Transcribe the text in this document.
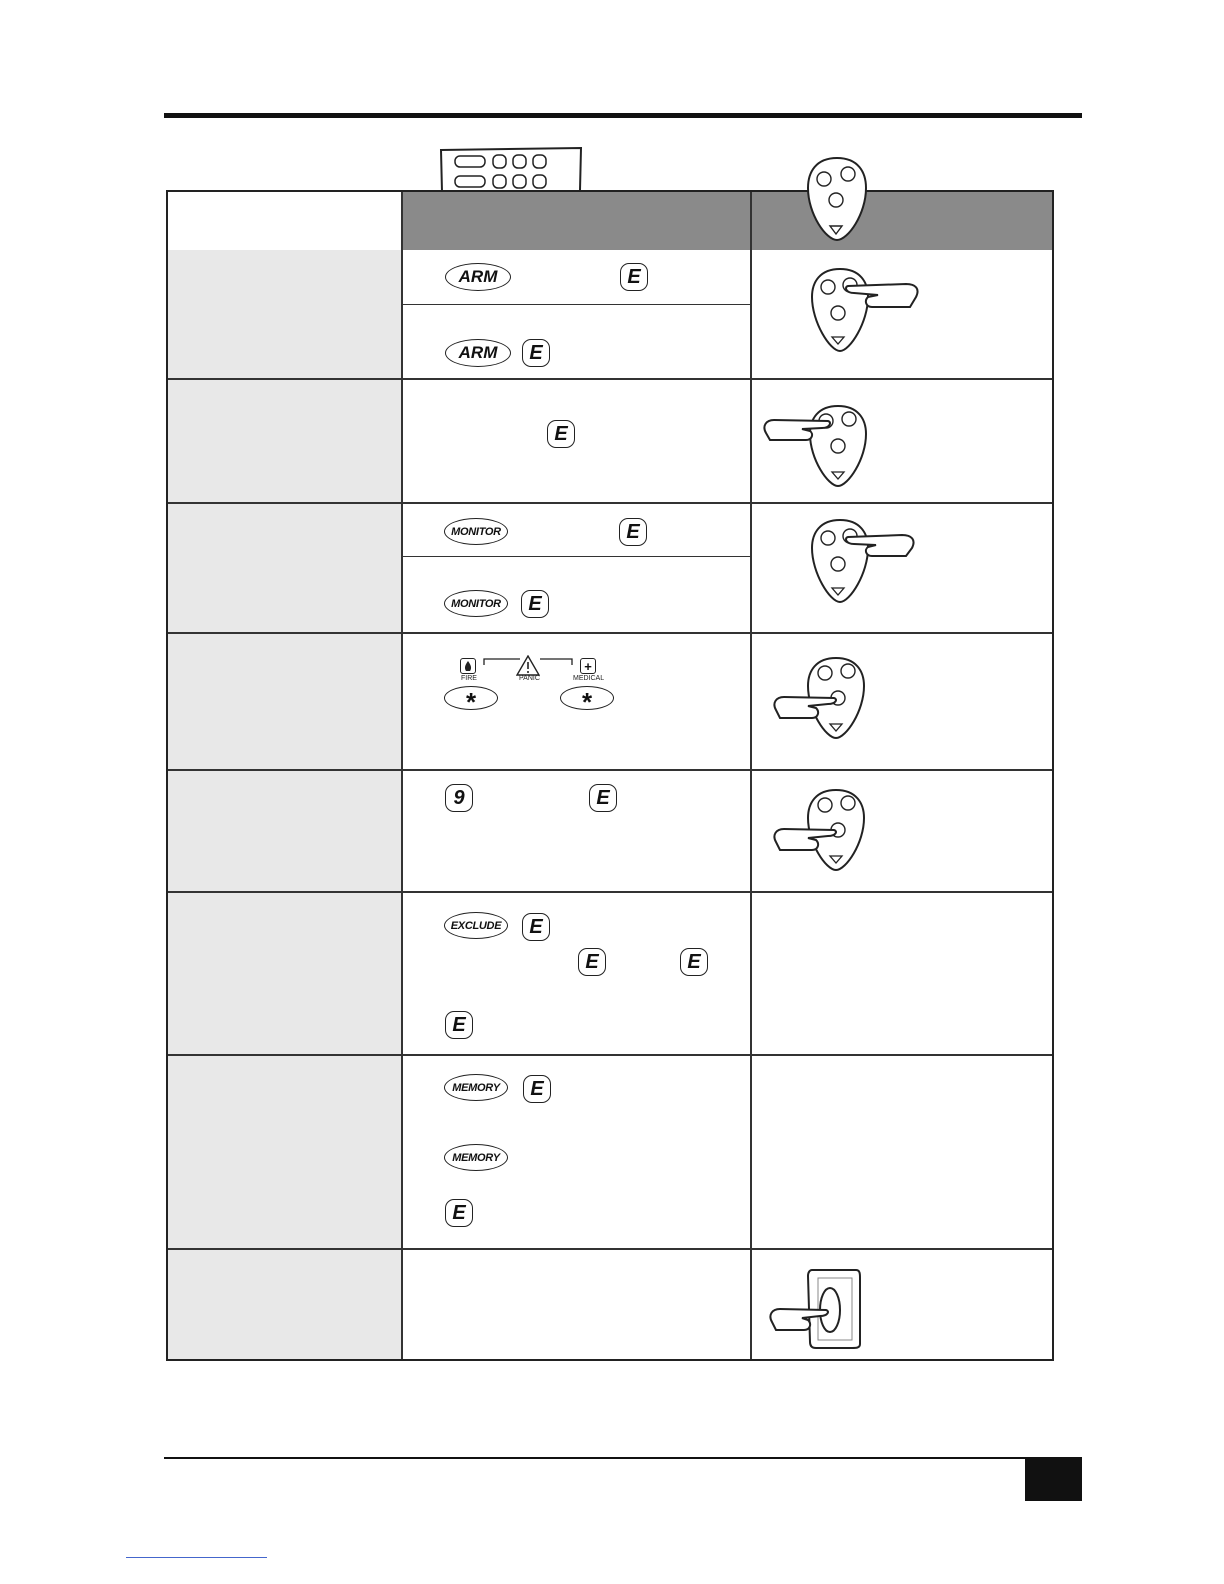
ARM	E
ARM	E
E
MONITOR	E
MONITOR	E
+
FIRE	PANIC	MEDICAL
*	*
9	E
EXCLUDE	E
E	E
E
MEMORY	E
MEMORY
E
